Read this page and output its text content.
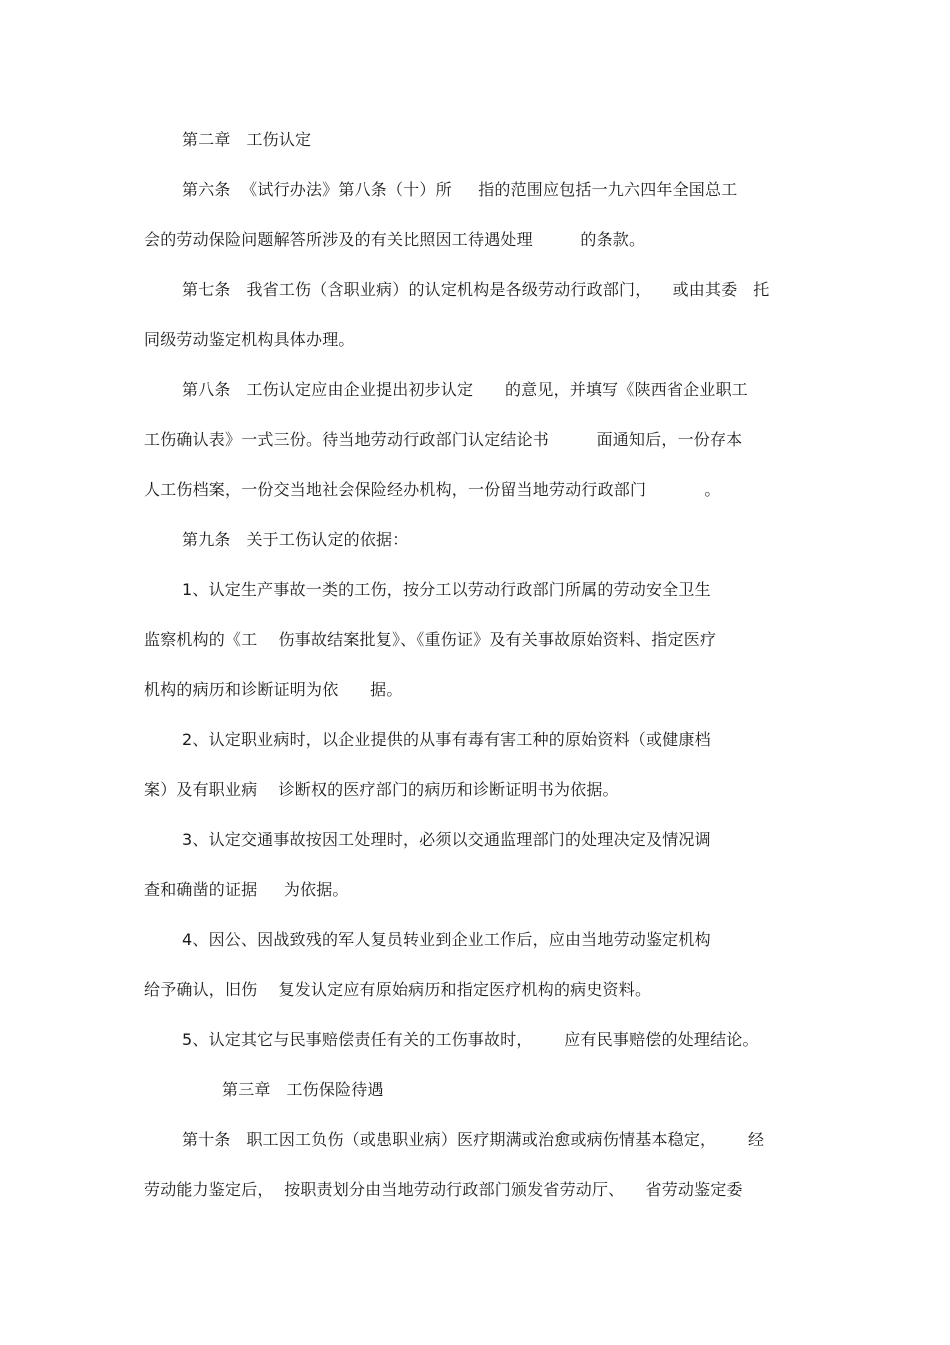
第二章   工伤认定
第六条  《试行办法》第八条（十）所     指的范围应包括一九六四年全国总工
会的劳动保险问题解答所涉及的有关比照因工待遇处理         的条款。
第七条   我省工伤（含职业病）的认定机构是各级劳动行政部门，    或由其委   托
同级劳动鉴定机构具体办理。
第八条   工伤认定应由企业提出初步认定      的意见，并填写《陕西省企业职工
工伤确认表》一式三份。待当地劳动行政部门认定结论书         面通知后，一份存本
人工伤档案，一份交当地社会保险经办机构，一份留当地劳动行政部门           。
第九条   关于工伤认定的依据：
1、认定生产事故一类的工伤，按分工以劳动行政部门所属的劳动安全卫生
监察机构的《工    伤事故结案批复》、《重伤证》及有关事故原始资料、指定医疗
机构的病历和诊断证明为依      据。
2、认定职业病时，以企业提供的从事有毒有害工种的原始资料（或健康档
案）及有职业病    诊断权的医疗部门的病历和诊断证明书为依据。
3、认定交通事故按因工处理时，必须以交通监理部门的处理决定及情况调
查和确凿的证据     为依据。
4、因公、因战致残的军人复员转业到企业工作后，应由当地劳动鉴定机构
给予确认，旧伤    复发认定应有原始病历和指定医疗机构的病史资料。
5、认定其它与民事赔偿责任有关的工伤事故时，      应有民事赔偿的处理结论。
第三章   工伤保险待遇
第十条   职工因工负伤（或患职业病）医疗期满或治愈或病伤情基本稳定，      经
劳动能力鉴定后，  按职责划分由当地劳动行政部门颁发省劳动厅、    省劳动鉴定委
